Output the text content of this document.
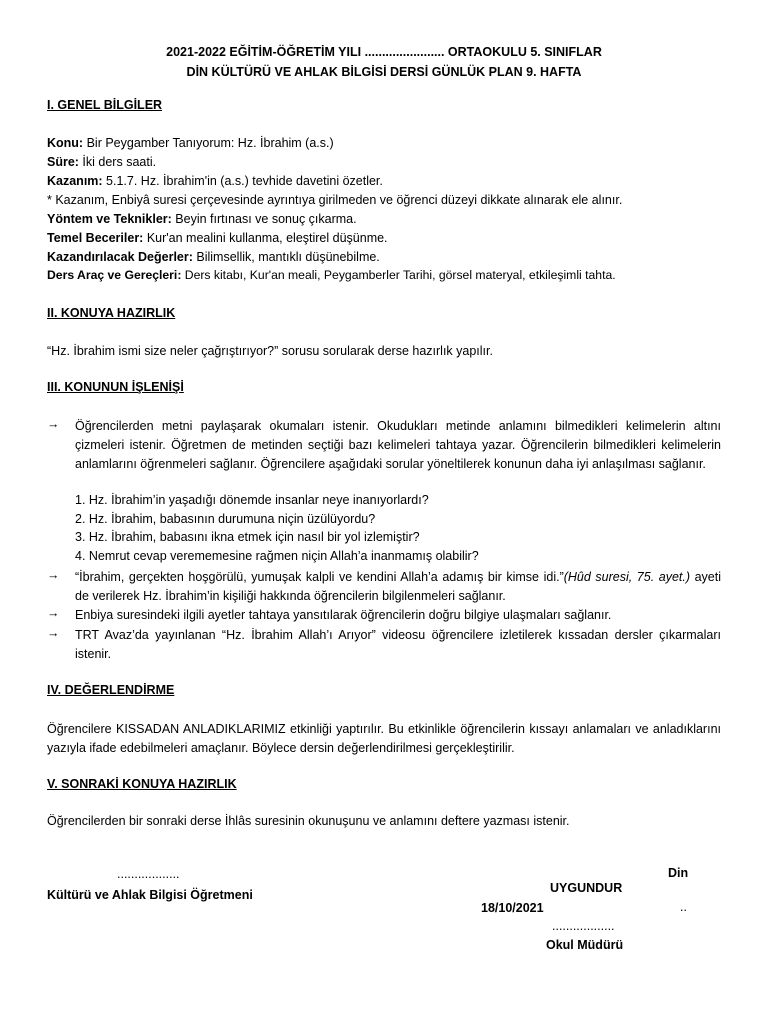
2021-2022 EĞİTİM-ÖĞRETİM YILI ....................... ORTAOKULU 5. SINIFLAR
DİN KÜLTÜRÜ VE AHLAK BİLGİSİ DERSİ GÜNLÜK PLAN 9. HAFTA
I. GENEL BİLGİLER
Konu: Bir Peygamber Tanıyorum: Hz. İbrahim (a.s.)
Süre: İki ders saati.
Kazanım: 5.1.7. Hz. İbrahim'in (a.s.) tevhide davetini özetler.
* Kazanım, Enbiyâ suresi çerçevesinde ayrıntıya girilmeden ve öğrenci düzeyi dikkate alınarak ele alınır.
Yöntem ve Teknikler: Beyin fırtınası ve sonuç çıkarma.
Temel Beceriler: Kur'an mealini kullanma, eleştirel düşünme.
Kazandırılacak Değerler: Bilimsellik, mantıklı düşünebilme.
Ders Araç ve Gereçleri: Ders kitabı, Kur'an meali, Peygamberler Tarihi, görsel materyal, etkileşimli tahta.
II. KONUYA HAZIRLIK
“Hz. İbrahim ismi size neler çağrıştırıyor?” sorusu sorularak derse hazırlık yapılır.
III. KONUNUN İŞLENİŞİ
→	Öğrencilerden metni paylaşarak okumaları istenir. Okudukları metinde anlamını bilmedikleri kelimelerin altını çizmeleri istenir. Öğretmen de metinden seçtiği bazı kelimeleri tahtaya yazar. Öğrencilerin bilmedikleri kelimelerin anlamlarını öğrenmeleri sağlanır. Öğrencilere aşağıdaki sorular yöneltilerek konunun daha iyi anlaşılması sağlanır.
1. Hz. İbrahim’in yaşadığı dönemde insanlar neye inanıyorlardı?
2. Hz. İbrahim, babasının durumuna niçin üzülüyordu?
3. Hz. İbrahim, babasını ikna etmek için nasıl bir yol izlemiştir?
4. Nemrut cevap verememesine rağmen niçin Allah’a inanmamış olabilir?
→	“İbrahim, gerçekten hoşgörülü, yumuşak kalpli ve kendini Allah’a adamış bir kimse idi.”(Hûd suresi, 75. ayet.) ayeti de verilerek Hz. İbrahim’in kişiliği hakkında öğrencilerin bilgilenmeleri sağlanır.
→	Enbiya suresindeki ilgili ayetler tahtaya yansıtılarak öğrencilerin doğru bilgiye ulaşmaları sağlanır.
→	TRT Avaz’da yayınlanan “Hz. İbrahim Allah’ı Arıyor” videosu öğrencilere izletilerek kıssadan dersler çıkarmaları istenir.
IV. DEĞERLENDİRME
Öğrencilere KISSADAN ANLADIKLARIMIZ etkinliği yaptırılır. Bu etkinlikle öğrencilerin kıssayı anlamaları ve anladıklarını yazıyla ifade edebilmeleri amaçlanır. Böylece dersin değerlendirilmesi gerçekleştirilir.
V. SONRAKİ KONUYA HAZIRLIK
Öğrencilerden bir sonraki derse İhlâs suresinin okunuşunu ve anlamını deftere yazması istenir.
..................
Kültürü ve Ahlak Bilgisi Öğretmeni
Din
UYGUNDUR
18/10/2021	..
..................
Okul Müdürü
